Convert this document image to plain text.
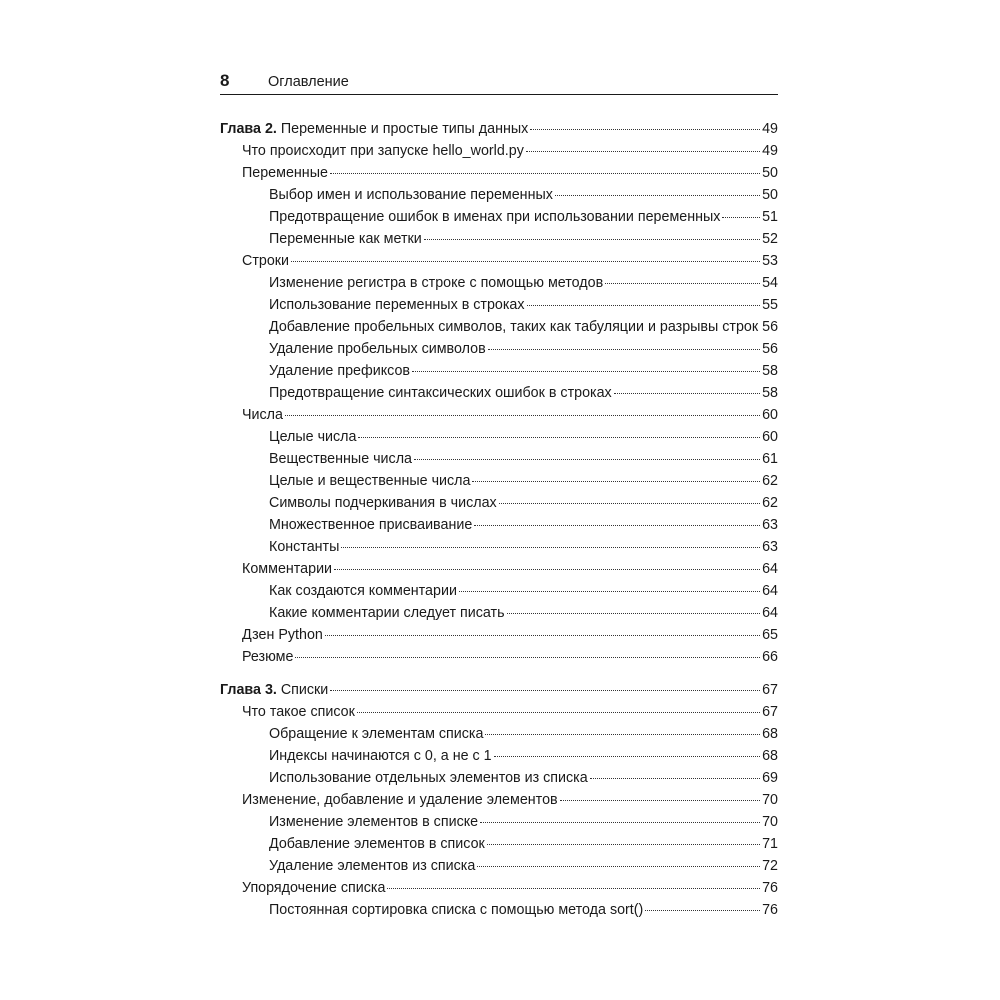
8	Оглавление
Глава 2. Переменные и простые типы данных	49
Что происходит при запуске hello_world.py	49
Переменные	50
Выбор имен и использование переменных	50
Предотвращение ошибок в именах при использовании переменных	51
Переменные как метки	52
Строки	53
Изменение регистра в строке с помощью методов	54
Использование переменных в строках	55
Добавление пробельных символов, таких как табуляции и разрывы строк 56
Удаление пробельных символов	56
Удаление префиксов	58
Предотвращение синтаксических ошибок в строках	58
Числа	60
Целые числа	60
Вещественные числа	61
Целые и вещественные числа	62
Символы подчеркивания в числах	62
Множественное присваивание	63
Константы	63
Комментарии	64
Как создаются комментарии	64
Какие комментарии следует писать	64
Дзен Python	65
Резюме	66
Глава 3. Списки	67
Что такое список	67
Обращение к элементам списка	68
Индексы начинаются с 0, а не с 1	68
Использование отдельных элементов из списка	69
Изменение, добавление и удаление элементов	70
Изменение элементов в списке	70
Добавление элементов в список	71
Удаление элементов из списка	72
Упорядочение списка	76
Постоянная сортировка списка с помощью метода sort()	76
